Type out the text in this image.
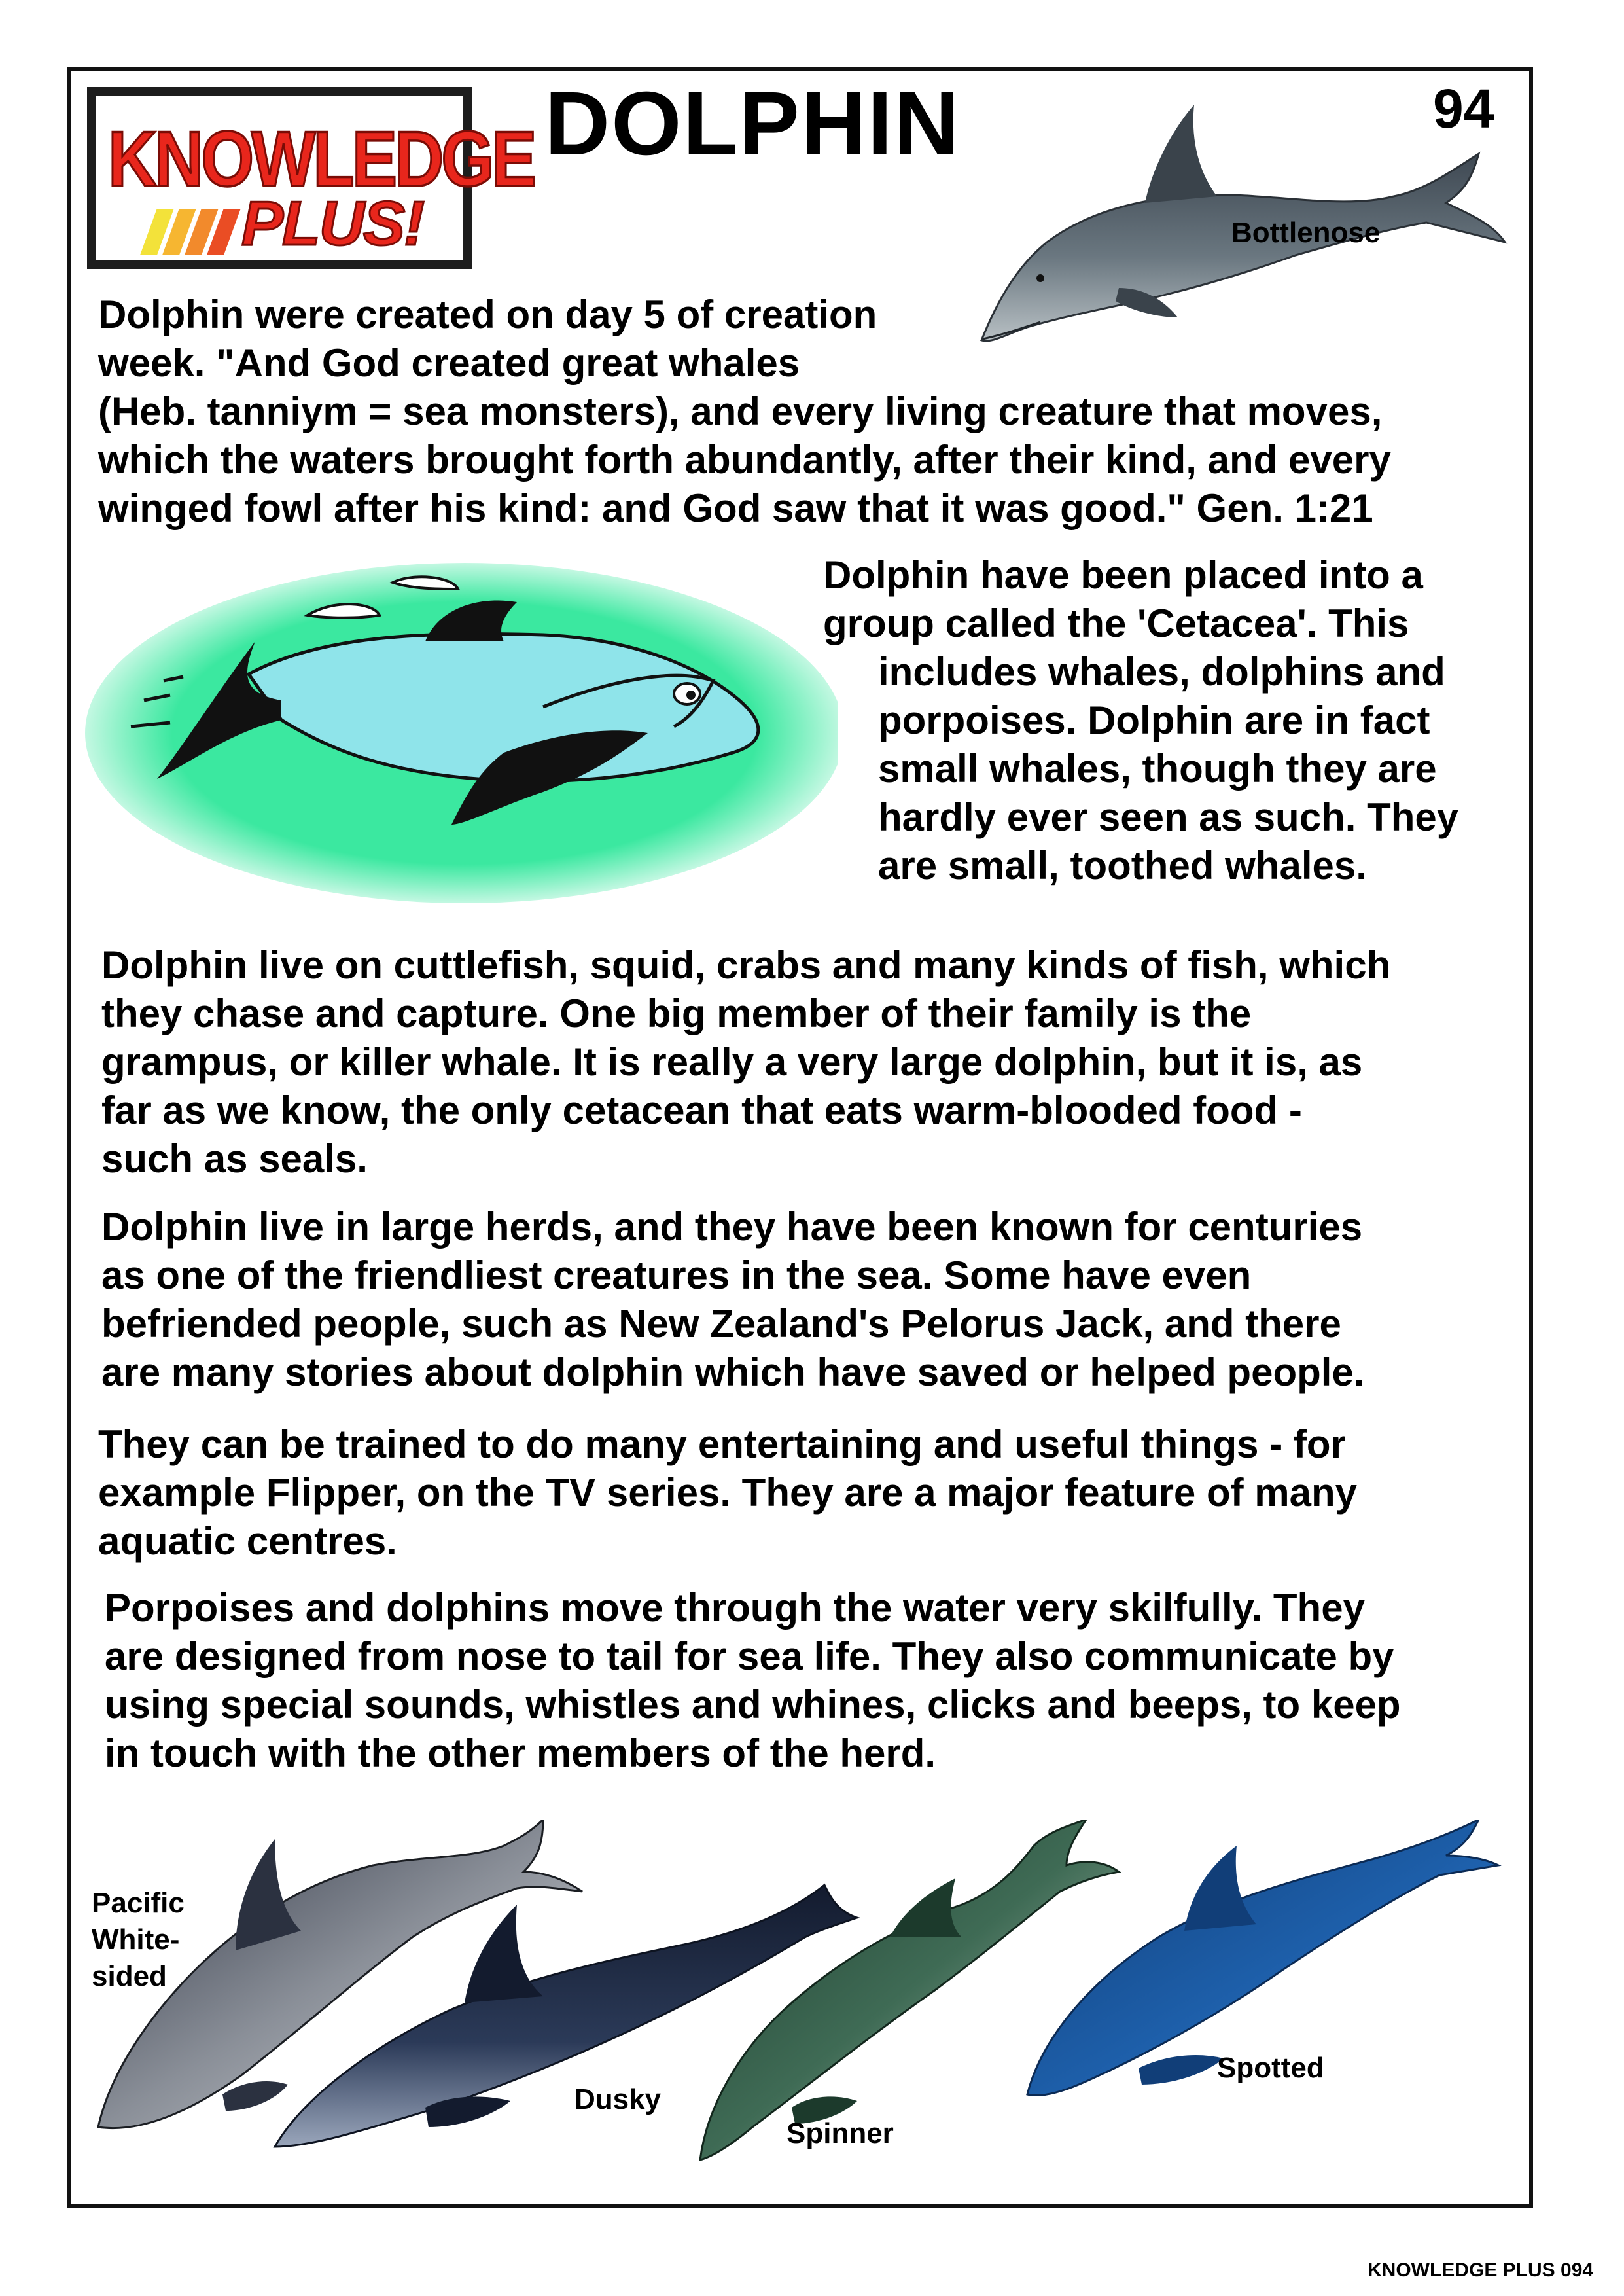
KNOWLEDGE
PLUS!
DOLPHIN	94
Bottlenose

Dolphin were created on day 5 of creation

week. "And God created great whales

(Heb. tanniym = sea monsters), and every living creature that moves,

which the waters brought forth abundantly, after their kind, and every

winged fowl after his kind: and God saw that it was good." Gen. 1:21

Dolphin have been placed into a

group called the 'Cetacea'. This

includes whales, dolphins and

porpoises. Dolphin are in fact

small whales, though they are

hardly ever seen as such. They

are small, toothed whales.

Dolphin live on cuttlefish, squid, crabs and many kinds of fish, which

they chase and capture. One big member of their family is the

grampus, or killer whale. It is really a very large dolphin, but it is, as

far as we know, the only cetacean that eats warm-blooded food -

such as seals.

Dolphin live in large herds, and they have been known for centuries

as one of the friendliest creatures in the sea. Some have even

befriended people, such as New Zealand's Pelorus Jack, and there

are many stories about dolphin which have saved or helped people.

They can be trained to do many entertaining and useful things - for

example Flipper, on the TV series. They are a major feature of many

aquatic centres.

Porpoises and dolphins move through the water very skilfully. They

are designed from nose to tail for sea life. They also communicate by

using special sounds, whistles and whines, clicks and beeps, to keep

in touch with the other members of the herd.

Pacific
White-
sided
Dusky
Spinner
Spotted
KNOWLEDGE PLUS 094
